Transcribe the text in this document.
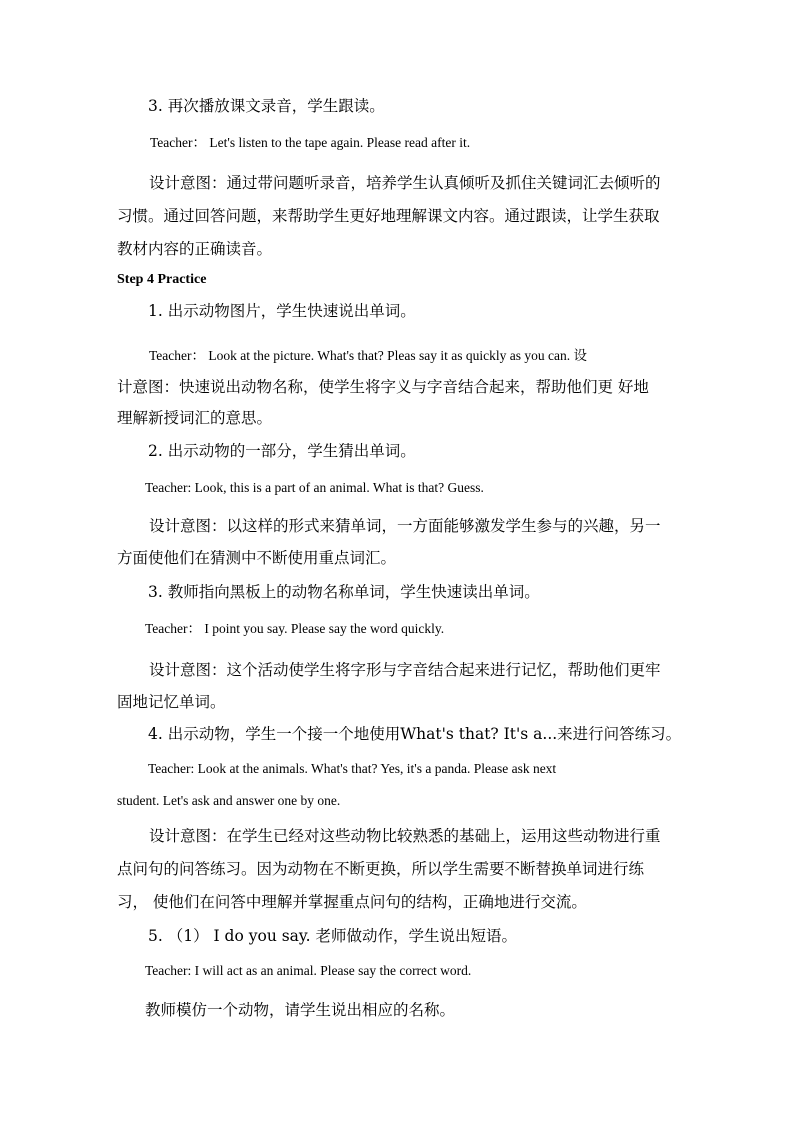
3. 再次播放课文录音，学生跟读。
Teacher： Let's listen to the tape again. Please read after it.
设计意图：通过带问题听录音，培养学生认真倾听及抓住关键词汇去倾听的
习惯。通过回答问题，来帮助学生更好地理解课文内容。通过跟读，让学生获取
教材内容的正确读音。
Step 4 Practice
1. 出示动物图片，学生快速说出单词。
Teacher： Look at the picture. What's that? Pleas say it as quickly as you can. 设
计意图：快速说出动物名称，使学生将字义与字音结合起来，帮助他们更 好地
理解新授词汇的意思。
2. 出示动物的一部分，学生猜出单词。
Teacher: Look, this is a part of an animal. What is that? Guess.
设计意图：以这样的形式来猜单词，一方面能够激发学生参与的兴趣，另一
方面使他们在猜测中不断使用重点词汇。
3. 教师指向黑板上的动物名称单词，学生快速读出单词。
Teacher： I point you say. Please say the word quickly.
设计意图：这个活动使学生将字形与字音结合起来进行记忆，帮助他们更牢
固地记忆单词。
4. 出示动物，学生一个接一个地使用What's that? It's a...来进行问答练习。
Teacher: Look at the animals. What's that? Yes, it's a panda. Please ask next
student. Let's ask and answer one by one.
设计意图：在学生已经对这些动物比较熟悉的基础上，运用这些动物进行重
点问句的问答练习。因为动物在不断更换，所以学生需要不断替换单词进行练
习， 使他们在问答中理解并掌握重点问句的结构，正确地进行交流。
5. （1） I do you say. 老师做动作，学生说出短语。
Teacher: I will act as an animal. Please say the correct word.
教师模仿一个动物，请学生说出相应的名称。
